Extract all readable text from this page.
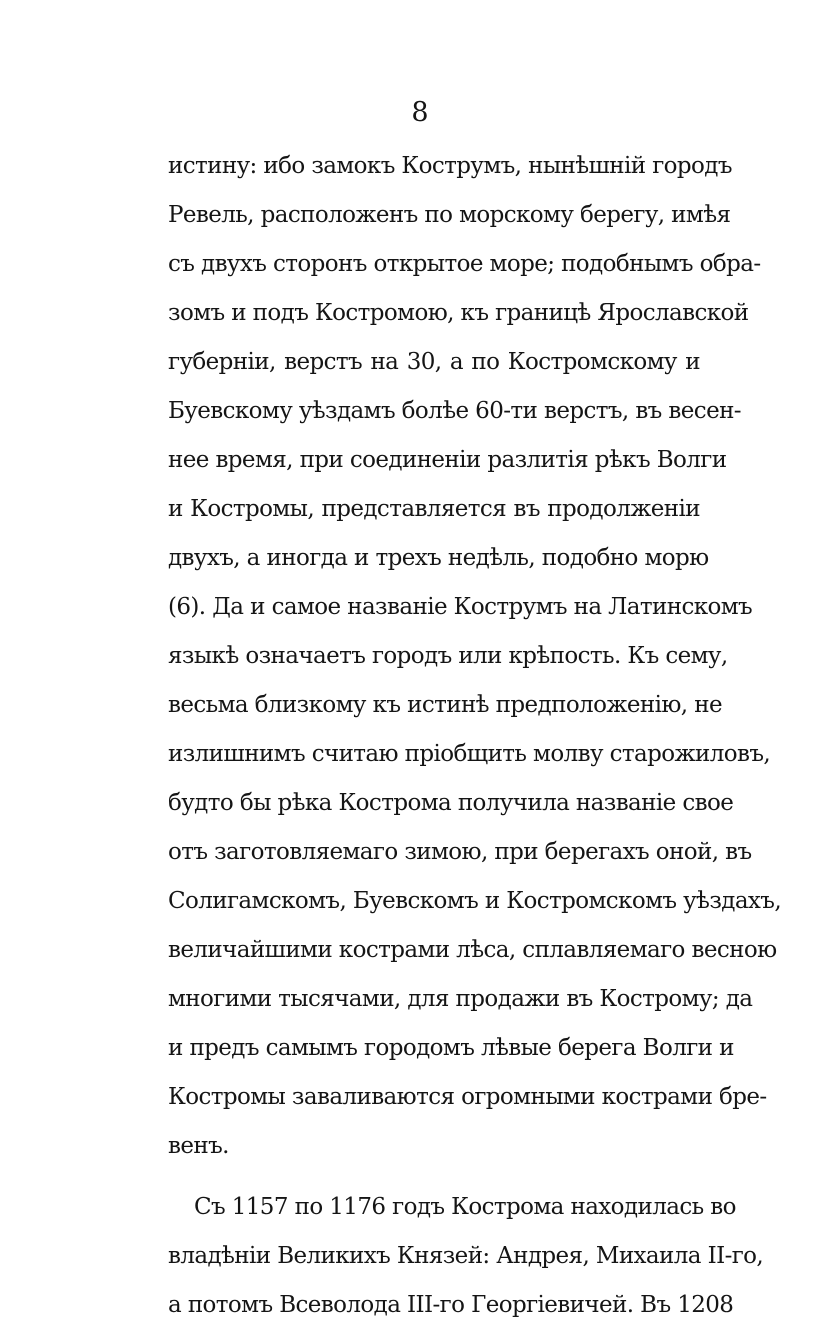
8
истину: ибо замокъ Кострумъ, нынѣшній городъ
Ревель, расположенъ по морскому берегу, имѣя
съ двухъ сторонъ открытое море; подобнымъ обра-
зомъ и подъ Костромою, къ границѣ Ярославской
губерніи, верстъ на 30, а по Костромскому и
Буевскому уѣздамъ болѣе 60-ти верстъ, въ весен-
нее время, при соединеніи разлитія рѣкъ Волги
и Костромы, представляется въ продолженіи
двухъ, а иногда и трехъ недѣль, подобно морю
(6). Да и самое названіе Кострумъ на Латинскомъ
языкѣ означаетъ городъ или крѣпость. Къ сему,
весьма близкому къ истинѣ предположенію, не
излишнимъ считаю пріобщить молву старожиловъ,
будто бы рѣка Кострома получила названіе свое
отъ заготовляемаго зимою, при берегахъ оной, въ
Солигамскомъ, Буевскомъ и Костромскомъ уѣздахъ,
величайшими кострами лѣса, сплавляемаго весною
многими тысячами, для продажи въ Кострому; да
и предъ самымъ городомъ лѣвые берега Волги и
Костромы заваливаются огромными кострами бре-
венъ.
Съ 1157 по 1176 годъ Кострома находилась во
владѣніи Великихъ Князей: Андрея, Михаила II-го,
а потомъ Всеволода III-го Георгіевичей. Въ 1208
